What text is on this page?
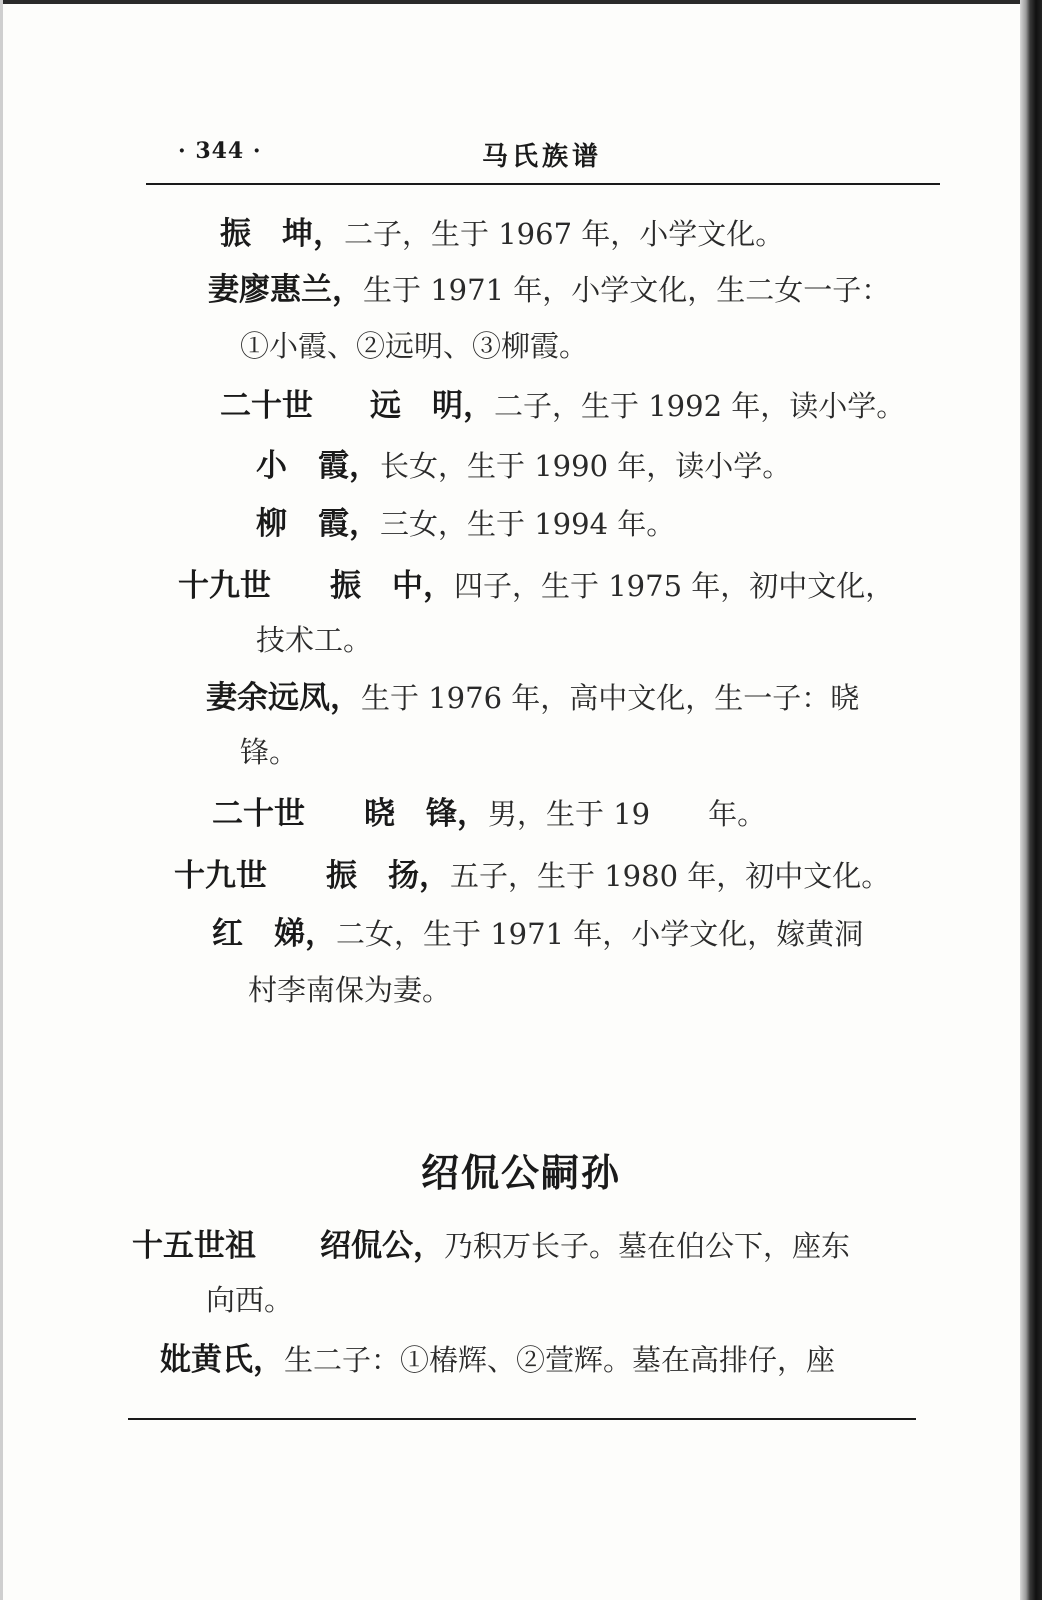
· 344 ·	马氏族谱
振　坤，二子，生于 1967 年，小学文化。
妻廖惠兰，生于 1971 年，小学文化，生二女一子：
①小霞、②远明、③柳霞。
二十世 远　明，二子，生于 1992 年，读小学。
小　霞，长女，生于 1990 年，读小学。
柳　霞，三女，生于 1994 年。
十九世 振　中，四子，生于 1975 年，初中文化，
技术工。
妻余远凤，生于 1976 年，高中文化，生一子：晓
锋。
二十世 晓　锋，男，生于 19　　年。
十九世 振　扬，五子，生于 1980 年，初中文化。
红　娣，二女，生于 1971 年，小学文化，嫁黄洞
村李南保为妻。
绍侃公嗣孙
十五世祖 绍侃公，乃积万长子。墓在伯公下，座东
向西。
妣黄氏，生二子：①椿辉、②萱辉。墓在高排仔，座
